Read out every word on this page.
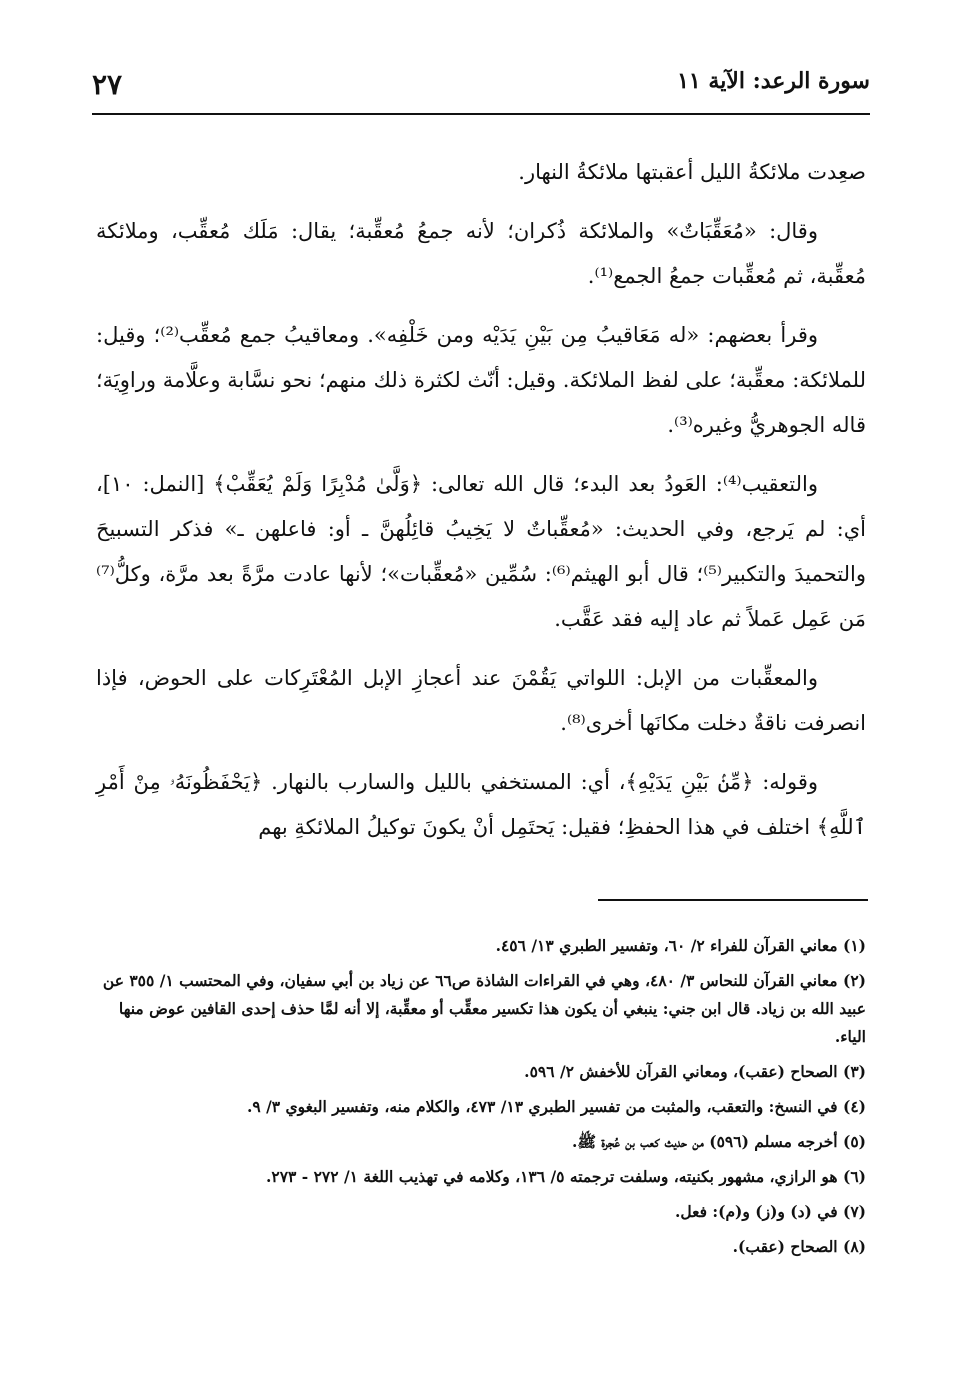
سورة الرعد: الآية ١١
٢٧

صعِدت ملائكةُ الليل أعقبتها ملائكةُ النهار.

وقال: «مُعَقِّبَاتٌ» والملائكة ذُكران؛ لأنه جمعُ مُعقِّبة؛ يقال: مَلَك مُعقِّب، وملائكة مُعقِّبة، ثم مُعقِّبات جمعُ الجمع⁽¹⁾.

وقرأ بعضهم: «له مَعَاقيبُ مِن بَيْنِ يَدَيْه ومن خَلْفِه». ومعاقيبُ جمع مُعقِّب⁽²⁾؛ وقيل: للملائكة: معقِّبة؛ على لفظ الملائكة. وقيل: أنّث لكثرة ذلك منهم؛ نحو نسَّابة وعلَّامة وراوِيَة؛ قاله الجوهريُّ وغيره⁽³⁾.

والتعقيب⁽⁴⁾: العَودُ بعد البدء؛ قال الله تعالى: ﴿وَلَّىٰ مُدْبِرًا وَلَمْ يُعَقِّبْ﴾ [النمل: ١٠]، أي: لم يَرجع، وفي الحديث: «مُعقِّباتٌ لا يَخِيبُ قائِلُهنَّ ـ أو: فاعلهن ـ» فذكر التسبيحَ والتحميدَ والتكبير⁽⁵⁾؛ قال أبو الهيثم⁽⁶⁾: سُمِّين «مُعقِّبات»؛ لأنها عادت مرَّةً بعد مرَّة، وكلُّ⁽⁷⁾ مَن عَمِل عَملاً ثم عاد إليه فقد عَقَّب.

والمعقِّبات من الإبل: اللواتي يَقُمْنَ عند أعجازِ الإبل المُعْتَرِكات على الحوض، فإذا انصرفت ناقةٌ دخلت مكانَها أخرى⁽⁸⁾.

وقوله: ﴿مِّنۢ بَيْنِ يَدَيْهِ﴾، أي: المستخفي بالليل والسارب بالنهار. ﴿يَحْفَظُونَهُۥ مِنْ أَمْرِ ٱللَّهِ﴾ اختلف في هذا الحفظِ؛ فقيل: يَحتَمِل أنْ يكونَ توكيلُ الملائكةِ بهم

(١) معاني القرآن للفراء ٢/ ٦٠، وتفسير الطبري ١٣/ ٤٥٦.
(٢) معاني القرآن للنحاس ٣/ ٤٨٠، وهي في القراءات الشاذة ص٦٦ عن زياد بن أبي سفيان، وفي المحتسب ١/ ٣٥٥ عن عبيد الله بن زياد. قال ابن جني: ينبغي أن يكون هذا تكسير معقِّب أو معقِّبة، إلا أنه لمَّا حذف إحدى القافين عوض منها الياء.
(٣) الصحاح (عقب)، ومعاني القرآن للأخفش ٢/ ٥٩٦.
(٤) في النسخ: والتعقب، والمثبت من تفسير الطبري ١٣/ ٤٧٣، والكلام منه، وتفسير البغوي ٣/ ٩.
(٥) أخرجه مسلم (٥٩٦) من حديث كعب بن عُجرة ﷺ.
(٦) هو الرازي، مشهور بكنيته، وسلفت ترجمته ٥/ ١٣٦، وكلامه في تهذيب اللغة ١/ ٢٧٢ - ٢٧٣.
(٧) في (د) و(ز) و(م): فعل.
(٨) الصحاح (عقب).
